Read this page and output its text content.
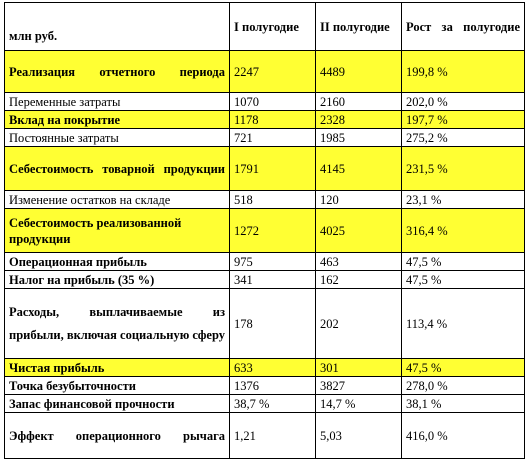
млн руб.	I полугодие	II полугодие	Рост за полугодие
Реализация отчетного периода	2247	4489	199,8 %
Переменные затраты	1070	2160	202,0 %
Вклад на покрытие	1178	2328	197,7 %
Постоянные затраты	721	1985	275,2 %
Себестоимость товарной продукции	1791	4145	231,5 %
Изменение остатков на складе	518	120	23,1 %
Себестоимость реализованной продукции	1272	4025	316,4 %
Операционная прибыль	975	463	47,5 %
Налог на прибыль (35 %)	341	162	47,5 %
Расходы, выплачиваемые из прибыли, включая социальную сферу	178	202	113,4 %
Чистая прибыль	633	301	47,5 %
Точка безубыточности	1376	3827	278,0 %
Запас финансовой прочности	38,7 %	14,7 %	38,1 %
Эффект операционного рычага	1,21	5,03	416,0 %
